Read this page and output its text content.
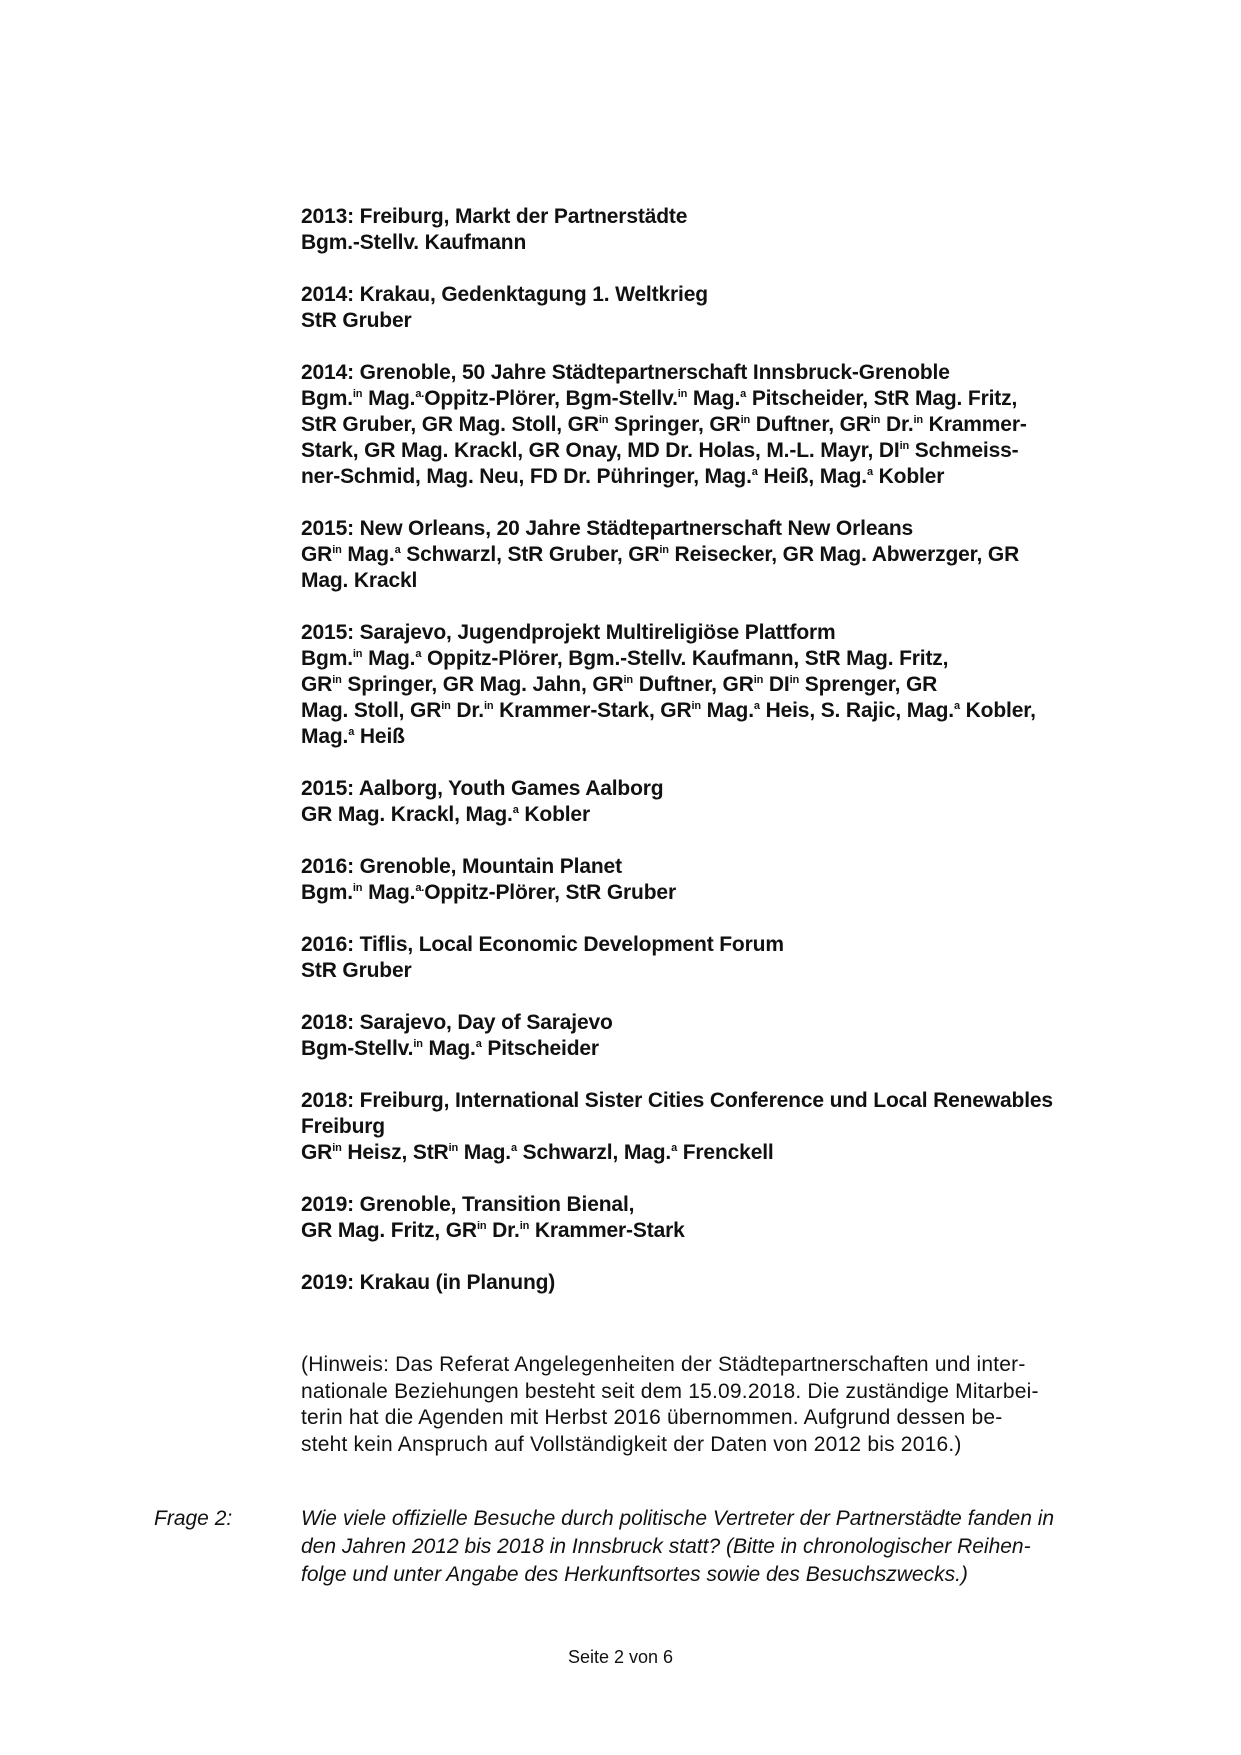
2013: Freiburg, Markt der Partnerstädte
Bgm.-Stellv. Kaufmann
2014: Krakau, Gedenktagung 1. Weltkrieg
StR Gruber
2014: Grenoble, 50 Jahre Städtepartnerschaft Innsbruck-Grenoble
Bgm.$^{in}$ Mag.$^{a.}$Oppitz-Plörer, Bgm-Stellv.$^{in}$ Mag.$^a$ Pitscheider, StR Mag. Fritz,
StR Gruber, GR Mag. Stoll, $GR^{in}$ Springer, $GR^{in}$ Duftner, $GR^{in}$ Dr.$^{in}$ Krammer-
Stark, GR Mag. Krackl, GR Onay, MD Dr. Holas, M.-L. Mayr, $DI^{in}$ Schmeiss-
ner-Schmid, Mag. Neu, FD Dr. Pühringer, Mag.$^a$ Heiß, Mag.$^a$ Kobler
2015: New Orleans, 20 Jahre Städtepartnerschaft New Orleans
$GR^{in}$ Mag.$^a$ Schwarzl, StR Gruber, $GR^{in}$ Reisecker, GR Mag. Abwerzger, GR
Mag. Krackl
2015: Sarajevo, Jugendprojekt Multireligiöse Plattform
Bgm.$^{in}$ Mag.$^a$ Oppitz-Plörer, Bgm.-Stellv. Kaufmann, StR Mag. Fritz,
$GR^{in}$ Springer, GR Mag. Jahn, $GR^{in}$ Duftner, $GR^{in}$ $DI^{in}$ Sprenger, GR
Mag. Stoll, $GR^{in}$ Dr.$^{in}$ Krammer-Stark, $GR^{in}$ Mag.$^a$ Heis, S. Rajic, Mag.$^a$ Kobler,
Mag.$^a$ Heiß
2015: Aalborg, Youth Games Aalborg
GR Mag. Krackl, Mag.$^a$ Kobler
2016: Grenoble, Mountain Planet
Bgm.$^{in}$ Mag.$^{a.}$Oppitz-Plörer, StR Gruber
2016: Tiflis, Local Economic Development Forum
StR Gruber
2018: Sarajevo, Day of Sarajevo
Bgm-Stellv.$^{in}$ Mag.$^a$ Pitscheider
2018: Freiburg, International Sister Cities Conference und Local Renewables
Freiburg
$GR^{in}$ Heisz, StR$^{in}$ Mag.$^a$ Schwarzl, Mag.$^a$ Frenckell
2019: Grenoble, Transition Bienal,
GR Mag. Fritz, $GR^{in}$ Dr.$^{in}$ Krammer-Stark
2019: Krakau (in Planung)
(Hinweis: Das Referat Angelegenheiten der Städtepartnerschaften und inter-
nationale Beziehungen besteht seit dem 15.09.2018. Die zuständige Mitarbei-
terin hat die Agenden mit Herbst 2016 übernommen. Aufgrund dessen be-
steht kein Anspruch auf Vollständigkeit der Daten von 2012 bis 2016.)
Frage 2:	Wie viele offizielle Besuche durch politische Vertreter der Partnerstädte fanden in
den Jahren 2012 bis 2018 in Innsbruck statt? (Bitte in chronologischer Reihen-
folge und unter Angabe des Herkunftsortes sowie des Besuchszwecks.)
Seite 2 von 6
